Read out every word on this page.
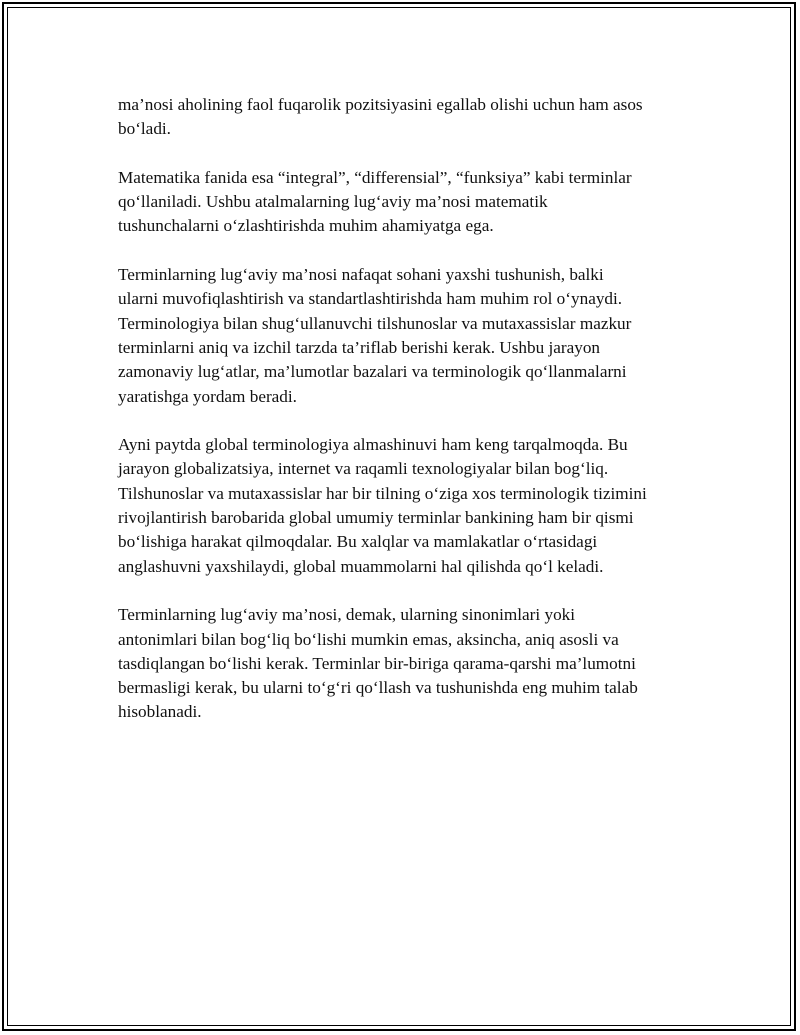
ma’nosi aholining faol fuqarolik pozitsiyasini egallab olishi uchun ham asos
bo‘ladi.

Matematika fanida esa “integral”, “differensial”, “funksiya” kabi terminlar
qo‘llaniladi. Ushbu atalmalarning lug‘aviy ma’nosi matematik
tushunchalarni o‘zlashtirishda muhim ahamiyatga ega.

Terminlarning lug‘aviy ma’nosi nafaqat sohani yaxshi tushunish, balki
ularni muvofiqlashtirish va standartlashtirishda ham muhim rol o‘ynaydi.
Terminologiya bilan shug‘ullanuvchi tilshunoslar va mutaxassislar mazkur
terminlarni aniq va izchil tarzda ta’riflab berishi kerak. Ushbu jarayon
zamonaviy lug‘atlar, ma’lumotlar bazalari va terminologik qo‘llanmalarni
yaratishga yordam beradi.

Ayni paytda global terminologiya almashinuvi ham keng tarqalmoqda. Bu
jarayon globalizatsiya, internet va raqamli texnologiyalar bilan bog‘liq.
Tilshunoslar va mutaxassislar har bir tilning o‘ziga xos terminologik tizimini
rivojlantirish barobarida global umumiy terminlar bankining ham bir qismi
bo‘lishiga harakat qilmoqdalar. Bu xalqlar va mamlakatlar o‘rtasidagi
anglashuvni yaxshilaydi, global muammolarni hal qilishda qo‘l keladi.

Terminlarning lug‘aviy ma’nosi, demak, ularning sinonimlari yoki
antonimlari bilan bog‘liq bo‘lishi mumkin emas, aksincha, aniq asosli va
tasdiqlangan bo‘lishi kerak. Terminlar bir-biriga qarama-qarshi ma’lumotni
bermasligi kerak, bu ularni to‘g‘ri qo‘llash va tushunishda eng muhim talab
hisoblanadi.
